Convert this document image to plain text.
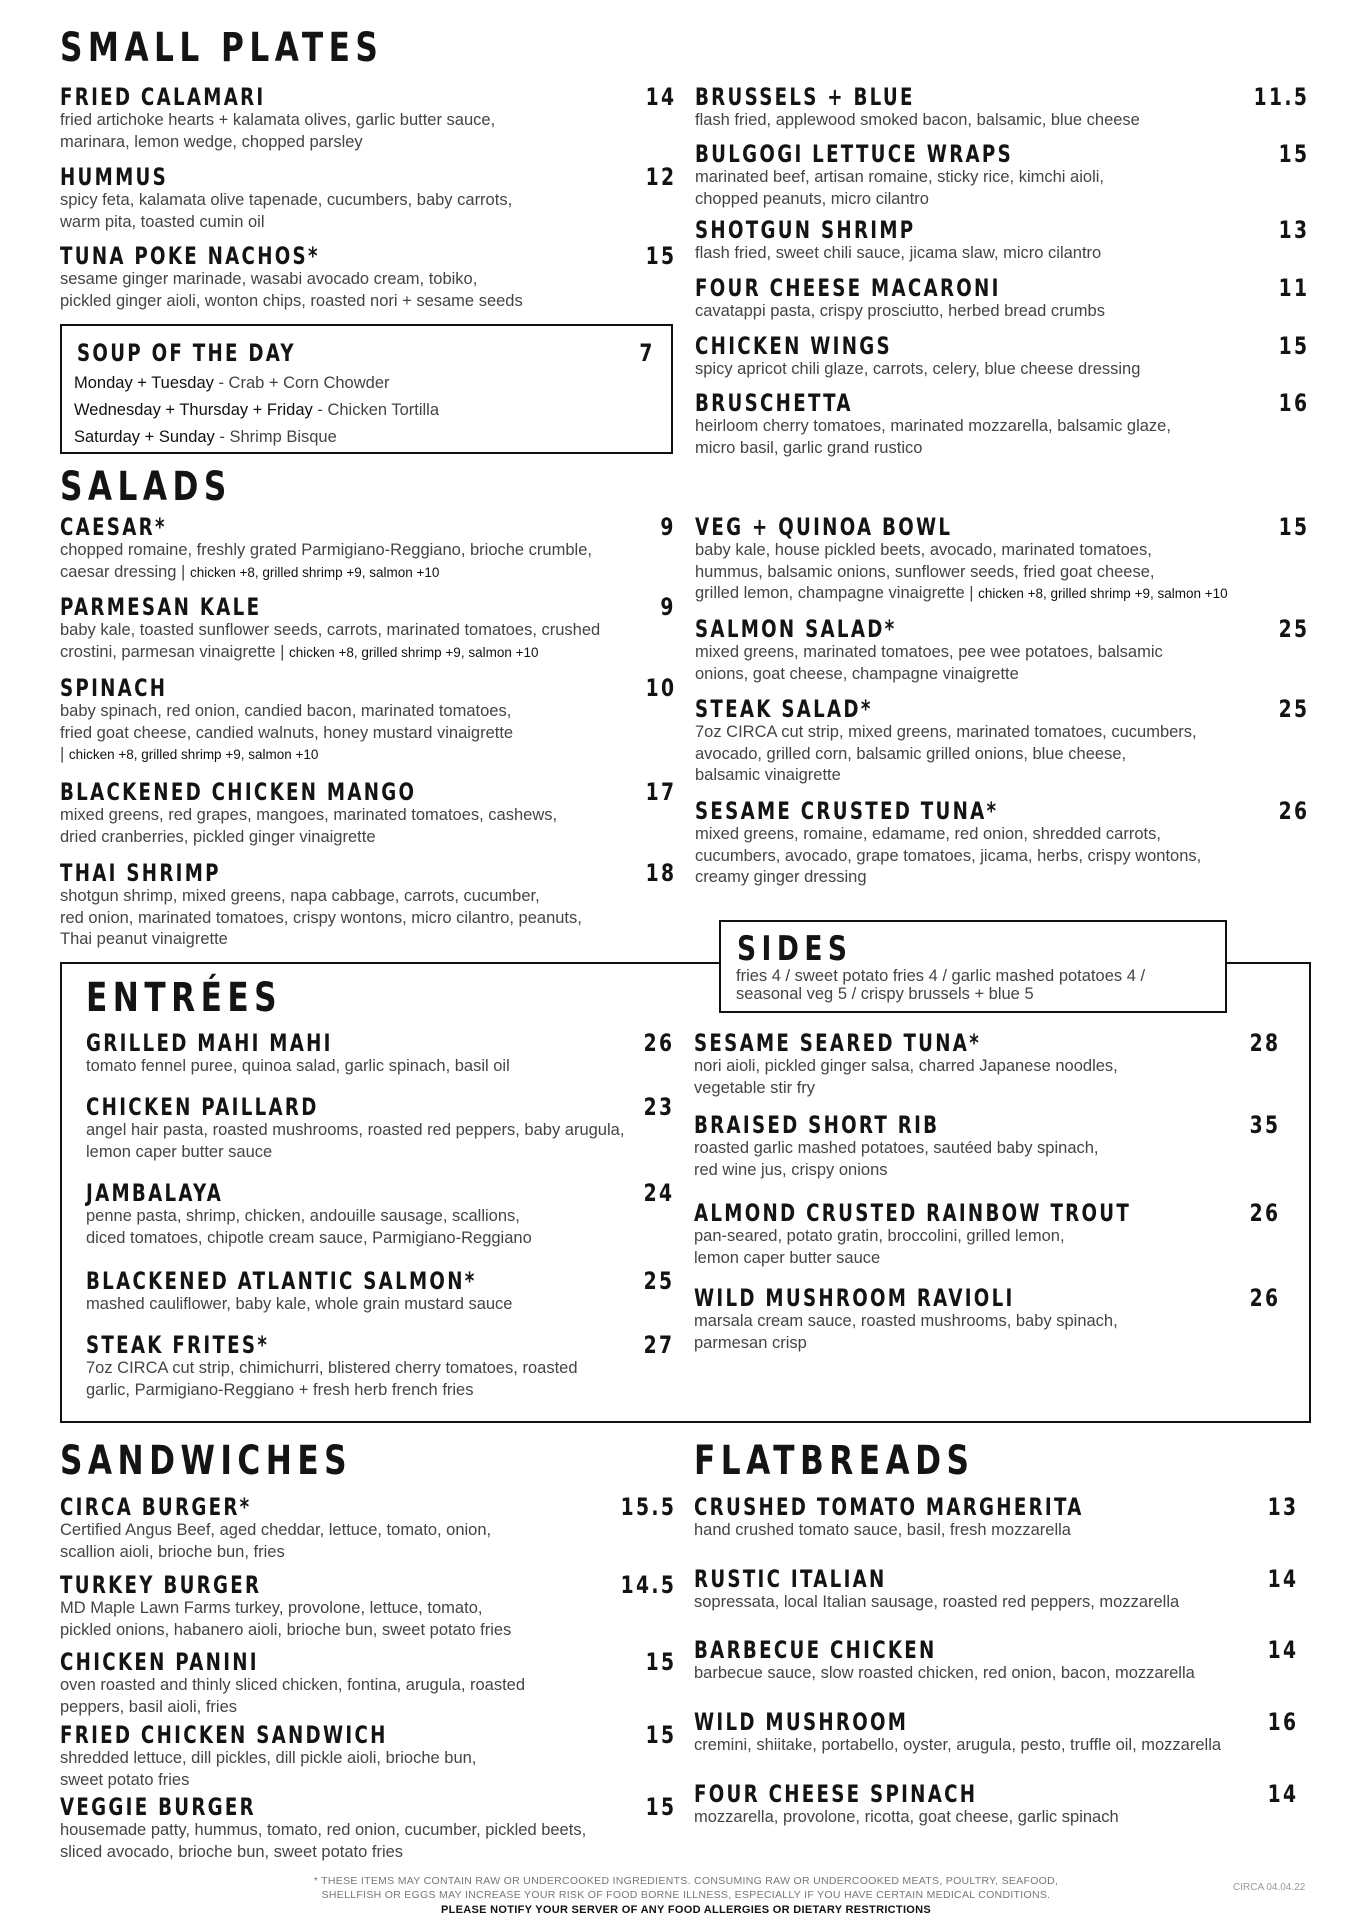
SMALL PLATES
FRIED CALAMARI	14
fried artichoke hearts + kalamata olives, garlic butter sauce,
marinara, lemon wedge, chopped parsley
HUMMUS	12
spicy feta, kalamata olive tapenade, cucumbers, baby carrots,
warm pita, toasted cumin oil
TUNA POKE NACHOS*	15
sesame ginger marinade, wasabi avocado cream, tobiko,
pickled ginger aioli, wonton chips, roasted nori + sesame seeds
SOUP OF THE DAY	7
Monday + Tuesday - Crab + Corn Chowder
Wednesday + Thursday + Friday - Chicken Tortilla
Saturday + Sunday - Shrimp Bisque
BRUSSELS + BLUE	11.5
flash fried, applewood smoked bacon, balsamic, blue cheese
BULGOGI LETTUCE WRAPS	15
marinated beef, artisan romaine, sticky rice, kimchi aioli,
chopped peanuts, micro cilantro
SHOTGUN SHRIMP	13
flash fried, sweet chili sauce, jicama slaw, micro cilantro
FOUR CHEESE MACARONI	11
cavatappi pasta, crispy prosciutto, herbed bread crumbs
CHICKEN WINGS	15
spicy apricot chili glaze, carrots, celery, blue cheese dressing
BRUSCHETTA	16
heirloom cherry tomatoes, marinated mozzarella, balsamic glaze,
micro basil, garlic grand rustico
SALADS
CAESAR*	9
chopped romaine, freshly grated Parmigiano-Reggiano, brioche crumble,
caesar dressing | chicken +8, grilled shrimp +9, salmon +10
PARMESAN KALE	9
baby kale, toasted sunflower seeds, carrots, marinated tomatoes, crushed
crostini, parmesan vinaigrette | chicken +8, grilled shrimp +9, salmon +10
SPINACH	10
baby spinach, red onion, candied bacon, marinated tomatoes,
fried goat cheese, candied walnuts, honey mustard vinaigrette
| chicken +8, grilled shrimp +9, salmon +10
BLACKENED CHICKEN MANGO	17
mixed greens, red grapes, mangoes, marinated tomatoes, cashews,
dried cranberries, pickled ginger vinaigrette
THAI SHRIMP	18
shotgun shrimp, mixed greens, napa cabbage, carrots, cucumber,
red onion, marinated tomatoes, crispy wontons, micro cilantro, peanuts,
Thai peanut vinaigrette
VEG + QUINOA BOWL	15
baby kale, house pickled beets, avocado, marinated tomatoes,
hummus, balsamic onions, sunflower seeds, fried goat cheese,
grilled lemon, champagne vinaigrette | chicken +8, grilled shrimp +9, salmon +10
SALMON SALAD*	25
mixed greens, marinated tomatoes, pee wee potatoes, balsamic
onions, goat cheese, champagne vinaigrette
STEAK SALAD*	25
7oz CIRCA cut strip, mixed greens, marinated tomatoes, cucumbers,
avocado, grilled corn, balsamic grilled onions, blue cheese,
balsamic vinaigrette
SESAME CRUSTED TUNA*	26
mixed greens, romaine, edamame, red onion, shredded carrots,
cucumbers, avocado, grape tomatoes, jicama, herbs, crispy wontons,
creamy ginger dressing
ENTRÉES
SIDES
fries 4 / sweet potato fries 4 / garlic mashed potatoes 4 /
seasonal veg 5 / crispy brussels + blue 5
GRILLED MAHI MAHI	26
tomato fennel puree, quinoa salad, garlic spinach, basil oil
CHICKEN PAILLARD	23
angel hair pasta, roasted mushrooms, roasted red peppers, baby arugula,
lemon caper butter sauce
JAMBALAYA	24
penne pasta, shrimp, chicken, andouille sausage, scallions,
diced tomatoes, chipotle cream sauce, Parmigiano-Reggiano
BLACKENED ATLANTIC SALMON*	25
mashed cauliflower, baby kale, whole grain mustard sauce
STEAK FRITES*	27
7oz CIRCA cut strip, chimichurri, blistered cherry tomatoes, roasted
garlic, Parmigiano-Reggiano + fresh herb french fries
SESAME SEARED TUNA*	28
nori aioli, pickled ginger salsa, charred Japanese noodles,
vegetable stir fry
BRAISED SHORT RIB	35
roasted garlic mashed potatoes, sautéed baby spinach,
red wine jus, crispy onions
ALMOND CRUSTED RAINBOW TROUT	26
pan-seared, potato gratin, broccolini, grilled lemon,
lemon caper butter sauce
WILD MUSHROOM RAVIOLI	26
marsala cream sauce, roasted mushrooms, baby spinach,
parmesan crisp
SANDWICHES
CIRCA BURGER*	15.5
Certified Angus Beef, aged cheddar, lettuce, tomato, onion,
scallion aioli, brioche bun, fries
TURKEY BURGER	14.5
MD Maple Lawn Farms turkey, provolone, lettuce, tomato,
pickled onions, habanero aioli, brioche bun, sweet potato fries
CHICKEN PANINI	15
oven roasted and thinly sliced chicken, fontina, arugula, roasted
peppers, basil aioli, fries
FRIED CHICKEN SANDWICH	15
shredded lettuce, dill pickles, dill pickle aioli, brioche bun,
sweet potato fries
VEGGIE BURGER	15
housemade patty, hummus, tomato, red onion, cucumber, pickled beets,
sliced avocado, brioche bun, sweet potato fries
FLATBREADS
CRUSHED TOMATO MARGHERITA	13
hand crushed tomato sauce, basil, fresh mozzarella
RUSTIC ITALIAN	14
sopressata, local Italian sausage, roasted red peppers, mozzarella
BARBECUE CHICKEN	14
barbecue sauce, slow roasted chicken, red onion, bacon, mozzarella
WILD MUSHROOM	16
cremini, shiitake, portabello, oyster, arugula, pesto, truffle oil, mozzarella
FOUR CHEESE SPINACH	14
mozzarella, provolone, ricotta, goat cheese, garlic spinach
* THESE ITEMS MAY CONTAIN RAW OR UNDERCOOKED INGREDIENTS. CONSUMING RAW OR UNDERCOOKED MEATS, POULTRY, SEAFOOD,
SHELLFISH OR EGGS MAY INCREASE YOUR RISK OF FOOD BORNE ILLNESS, ESPECIALLY IF YOU HAVE CERTAIN MEDICAL CONDITIONS.
PLEASE NOTIFY YOUR SERVER OF ANY FOOD ALLERGIES OR DIETARY RESTRICTIONS
CIRCA 04.04.22
